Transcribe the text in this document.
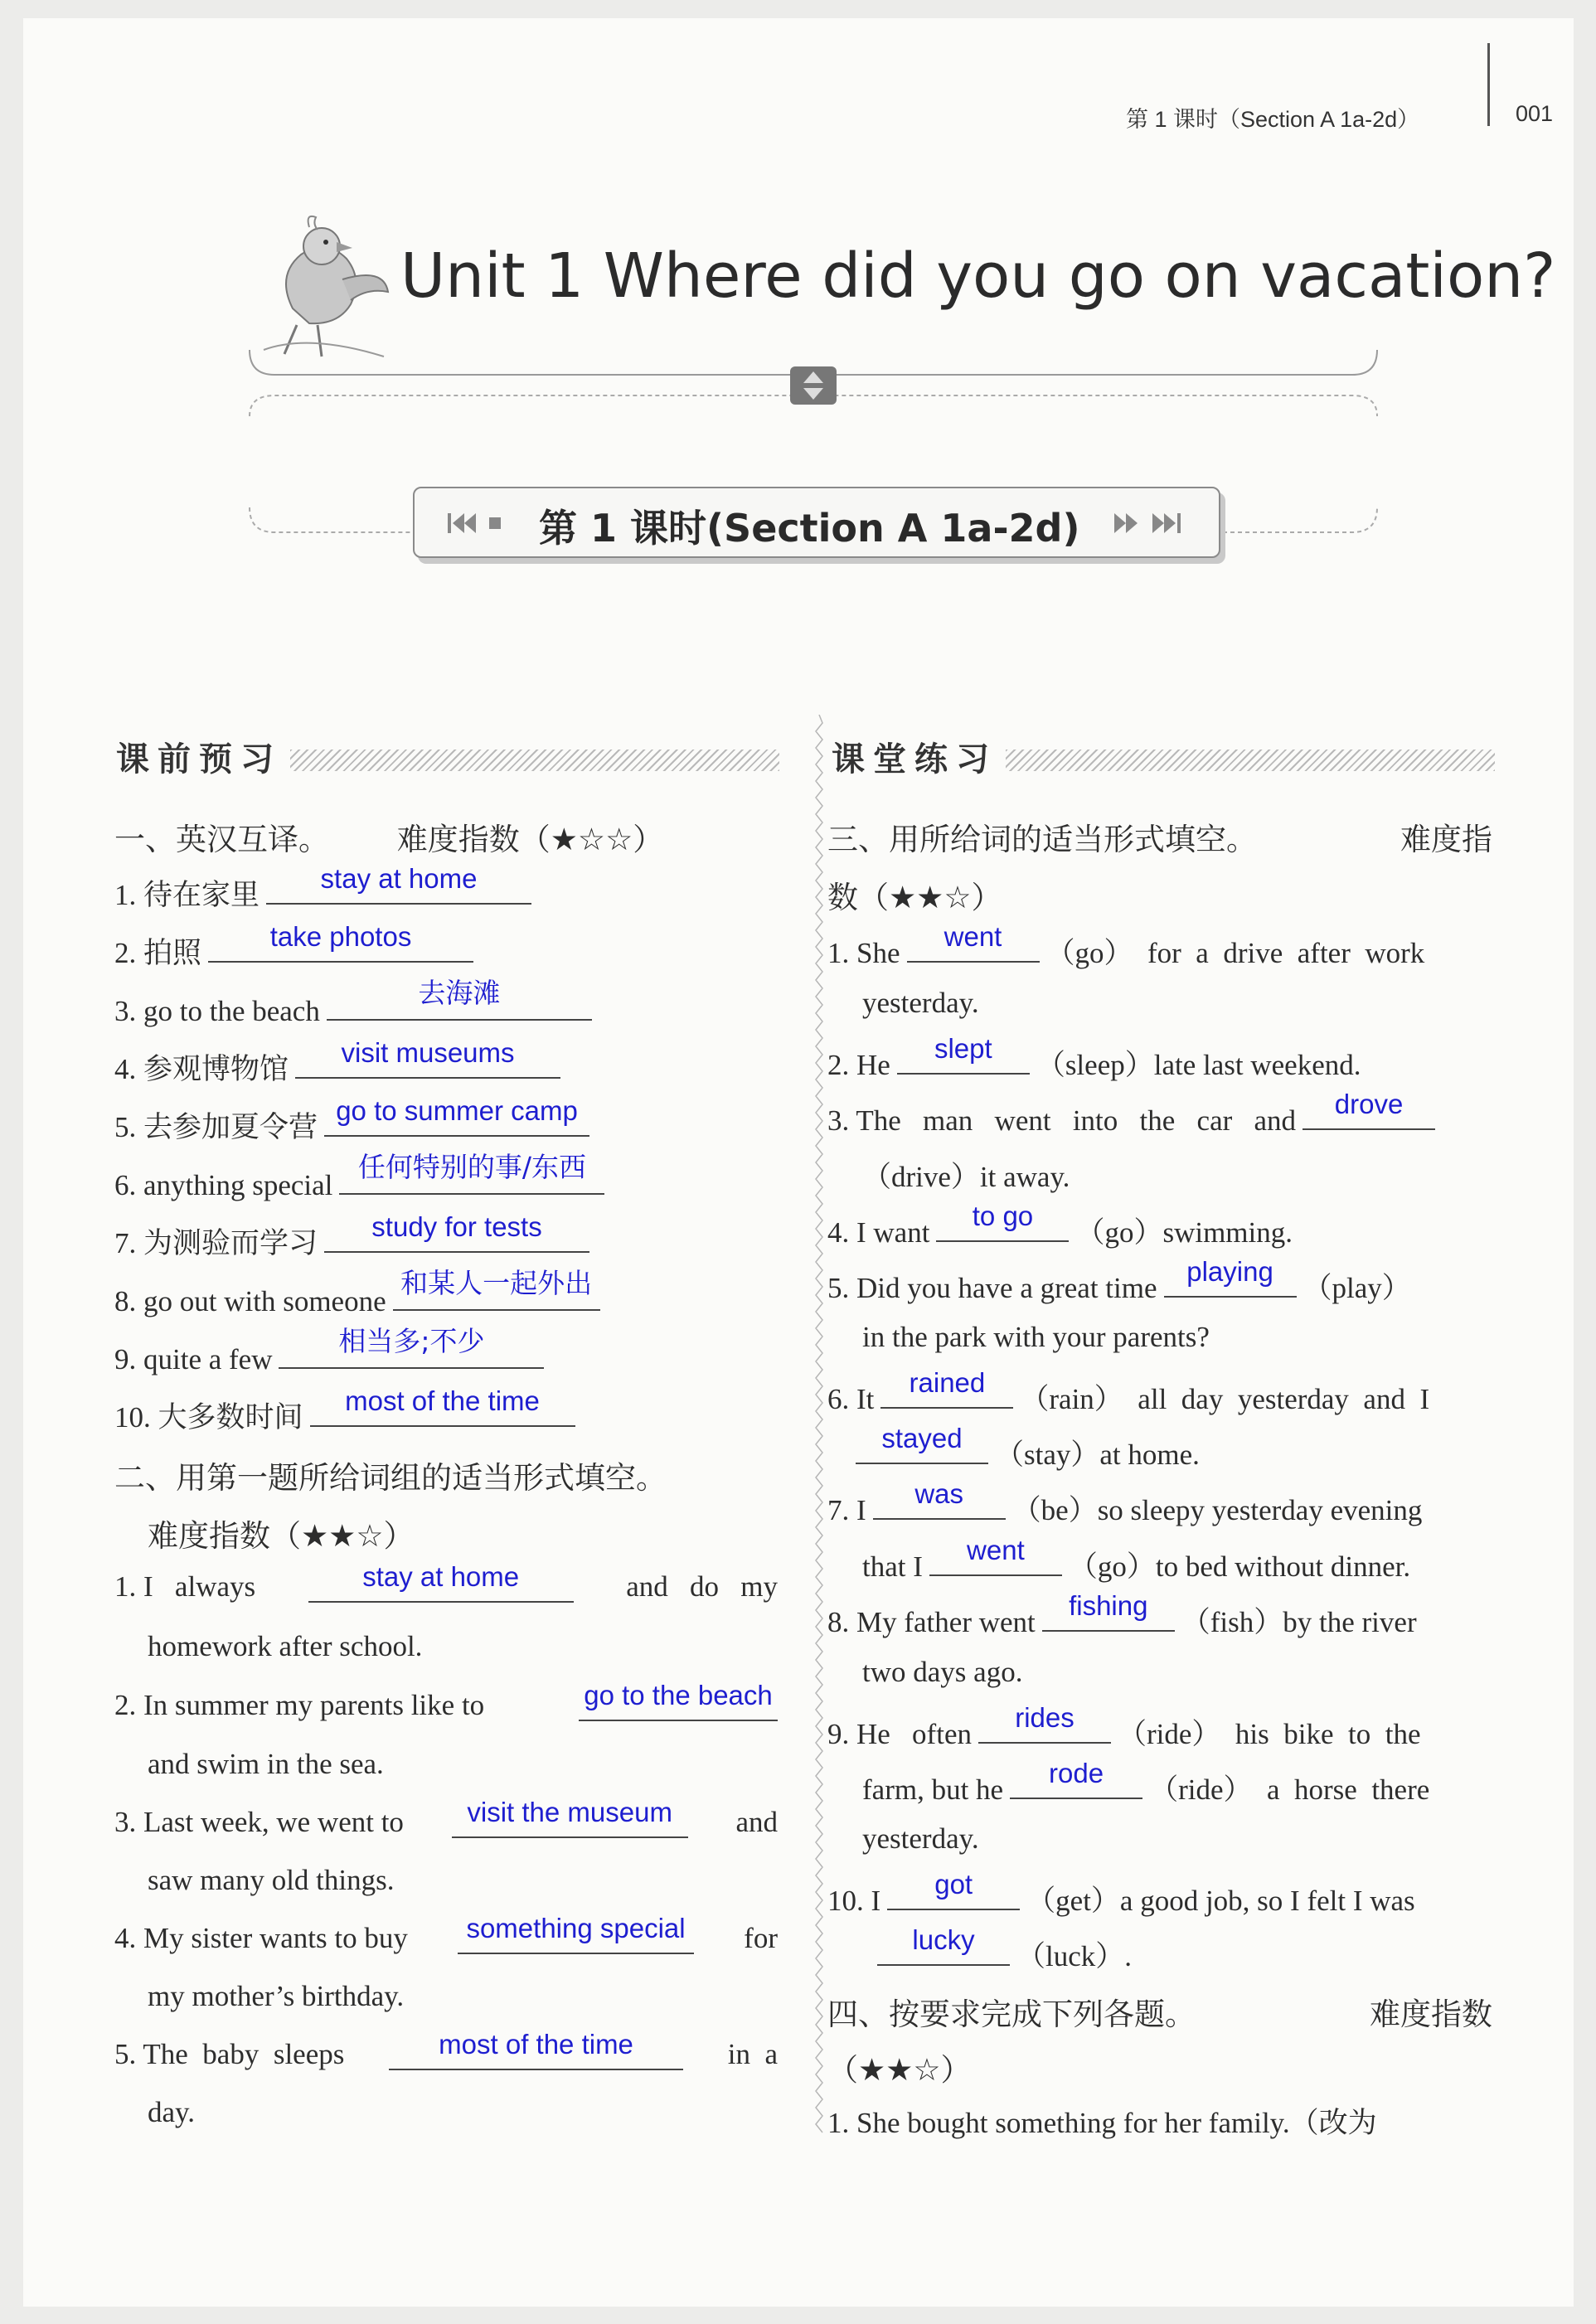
第 1 课时（Section A 1a-2d）	001
Unit 1 Where did you go on vacation?
第 1 课时(Section A 1a-2d)
课前预习
一、英汉互译。 难度指数（★☆☆）
1. 待在家里
stay at home
2. 拍照
take photos
3. go to the beach
去海滩
4. 参观博物馆
visit museums
5. 去参加夏令营
go to summer camp
6. anything special
任何特别的事/东西
7. 为测验而学习
study for tests
8. go out with someone
和某人一起外出
9. quite a few
相当多;不少
10. 大多数时间
most of the time
二、用第一题所给词组的适当形式填空。
难度指数（★★☆）
1. I   always	stay at home	and   do   my
homework after school.
2. In summer my parents like to	go to the beach
and swim in the sea.
3. Last week, we went to	visit the museum	and
saw many old things.
4. My sister wants to buy	something special for
my mother’s birthday.
5. The  baby  sleeps	most of the time	in  a
day.
课堂练习
三、用所给词的适当形式填空。	难度指
数（★★☆）
1. She
went
（go）  for  a  drive  after  work
yesterday.
2. He
slept
（sleep）late last weekend.
3. The   man   went   into   the   car   and
drove
（drive）it away.
4. I want
to go
（go）swimming.
5. Did you have a great time
playing
（play）
in the park with your parents?
6. It
rained
（rain）  all  day  yesterday  and  I
stayed
（stay）at home.
7. I
was
（be）so sleepy yesterday evening
that I
went
（go）to bed without dinner.
8. My father went
fishing
（fish）by the river
two days ago.
9. He   often
rides
（ride）  his  bike  to  the
farm, but he
rode
（ride）  a  horse  there
yesterday.
10. I
got
（get）a good job, so I felt I was
lucky
（luck）.
四、按要求完成下列各题。	难度指数
（★★☆）
1. She bought something for her family.（改为
